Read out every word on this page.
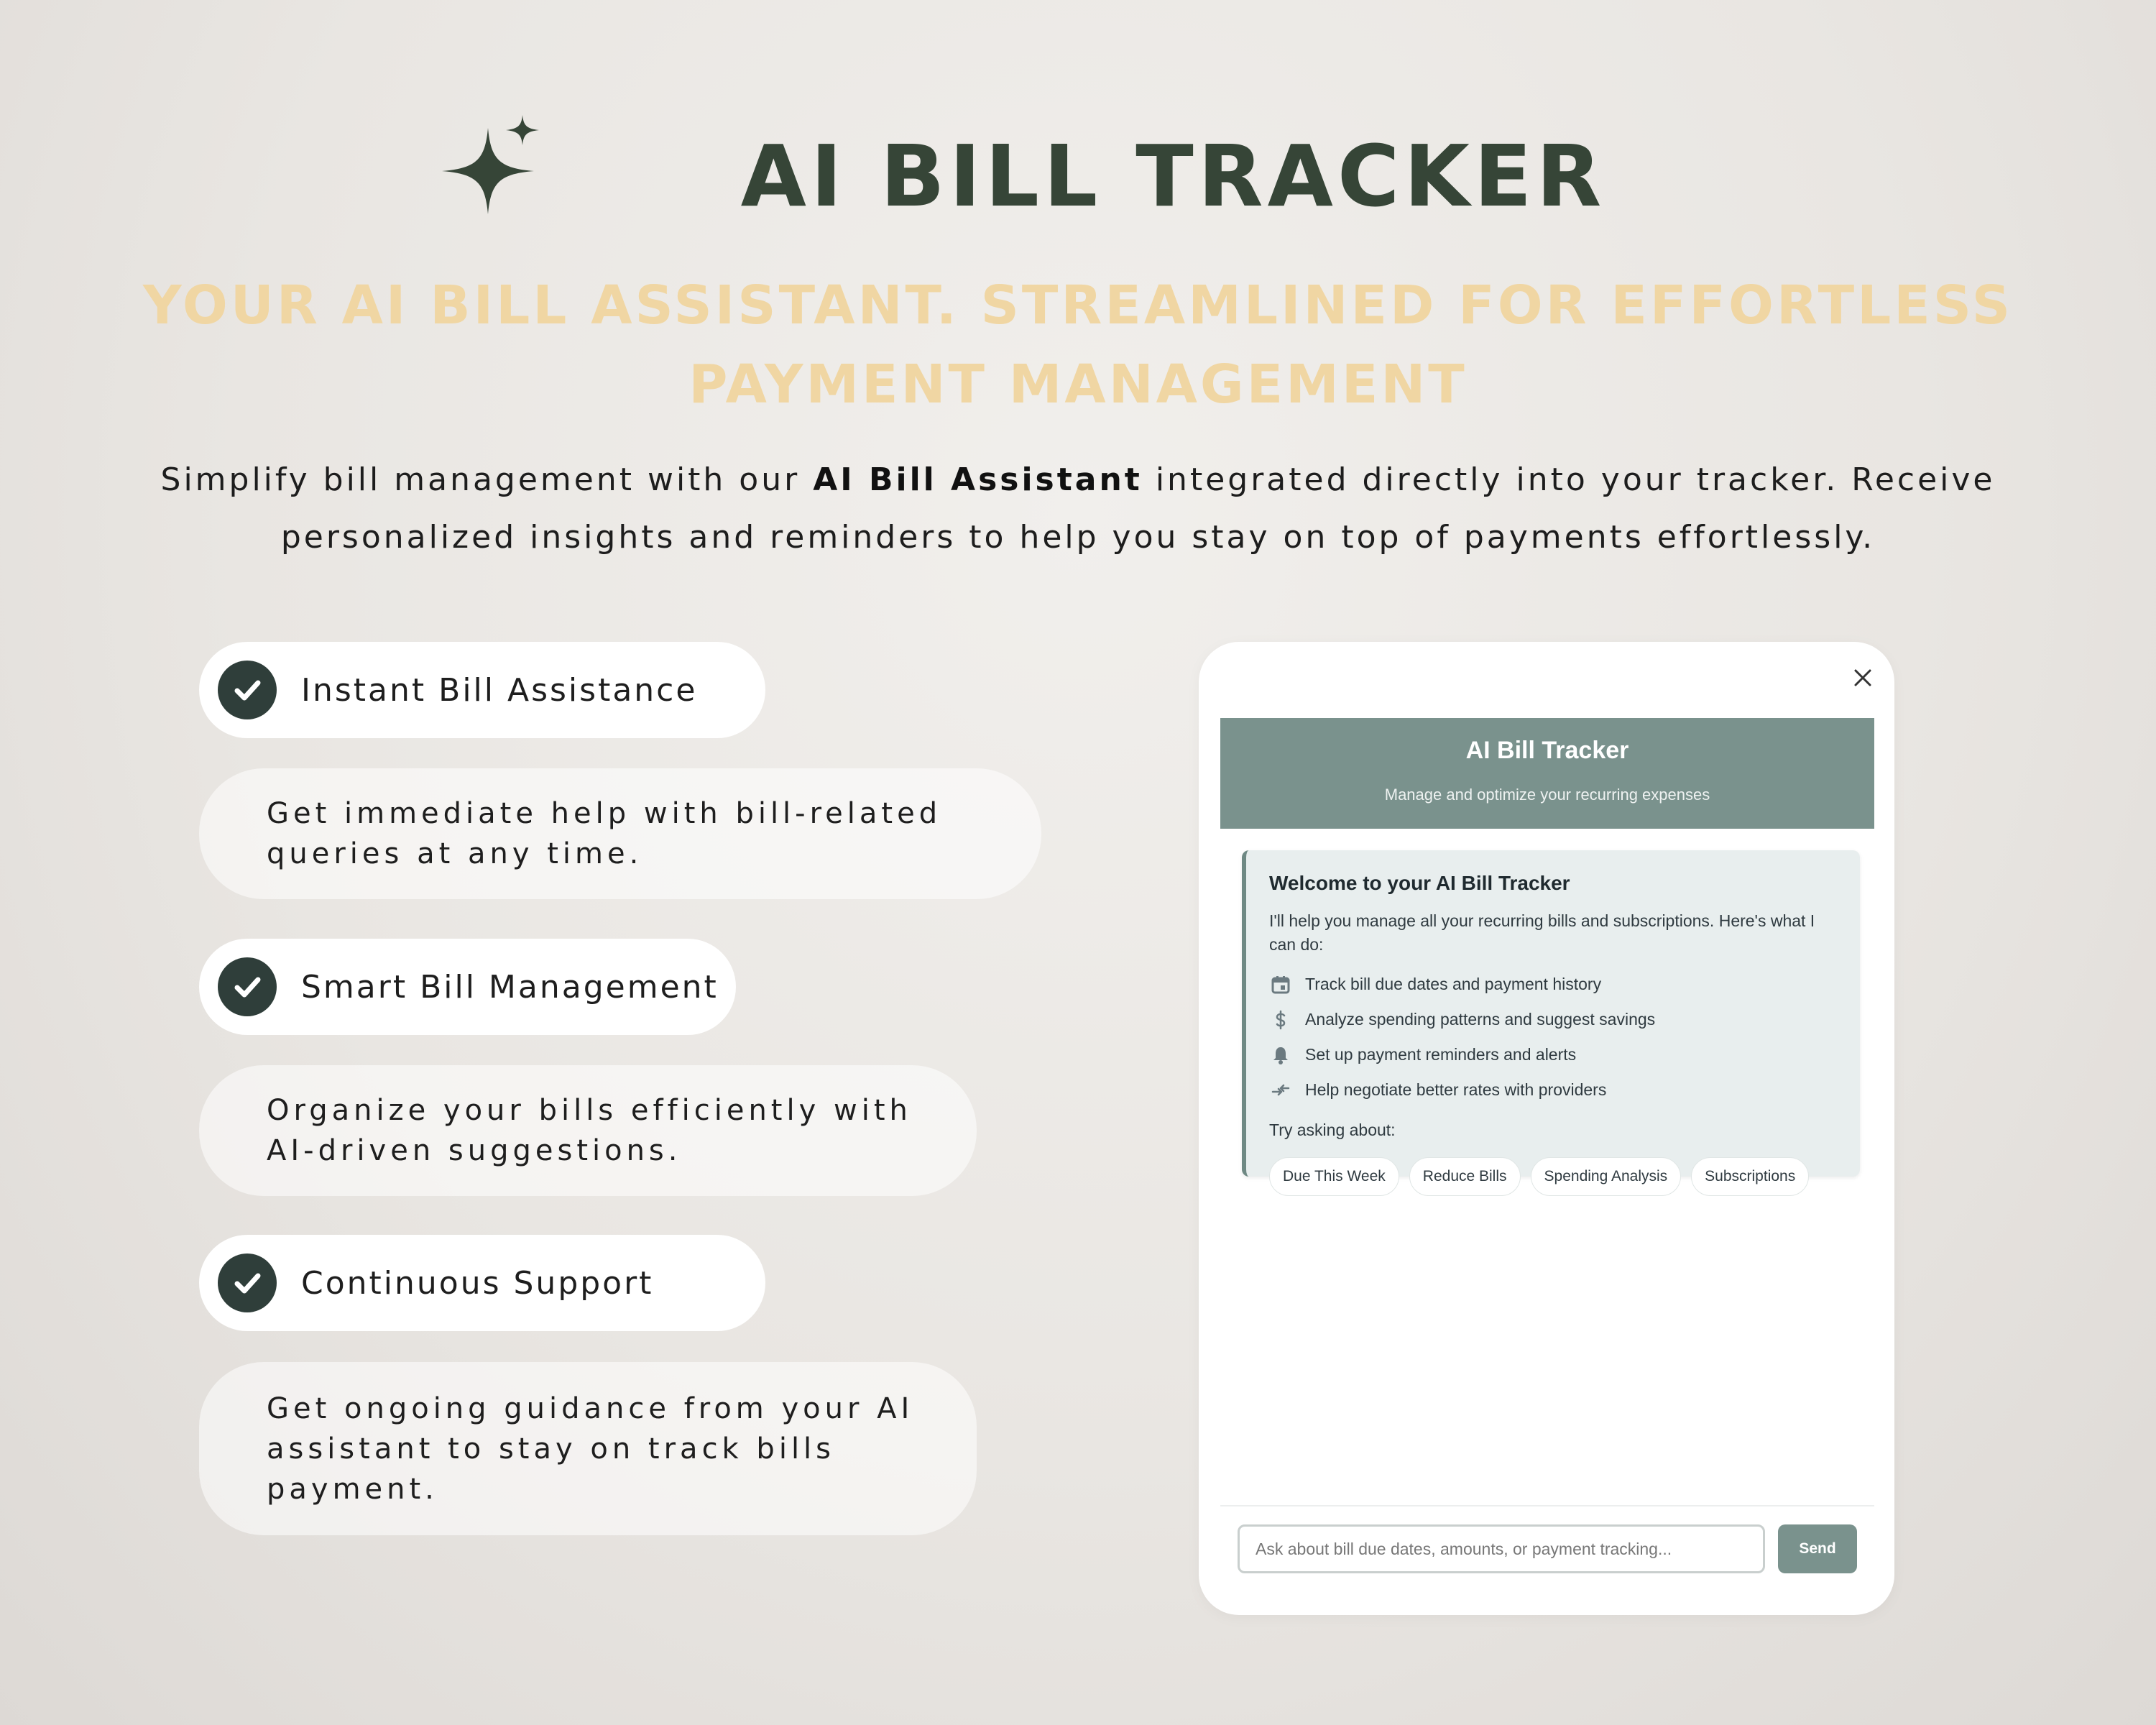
AI BILL TRACKER
YOUR AI BILL ASSISTANT. STREAMLINED FOR EFFORTLESS PAYMENT MANAGEMENT

Simplify bill management with our AI Bill Assistant integrated directly into your tracker. Receive personalized insights and reminders to help you stay on top of payments effortlessly.

Instant Bill Assistance
Get immediate help with bill-related queries at any time.
Smart Bill Management
Organize your bills efficiently with AI-driven suggestions.
Continuous Support
Get ongoing guidance from your AI assistant to stay on track bills payment.
AI Bill Tracker
Manage and optimize your recurring expenses

Welcome to your AI Bill Tracker

I'll help you manage all your recurring bills and subscriptions. Here's what I can do:

Track bill due dates and payment history
Analyze spending patterns and suggest savings
Set up payment reminders and alerts
Help negotiate better rates with providers

Try asking about:

Due This Week	Reduce Bills	Spending Analysis	Subscriptions
Ask about bill due dates, amounts, or payment tracking...
Send
